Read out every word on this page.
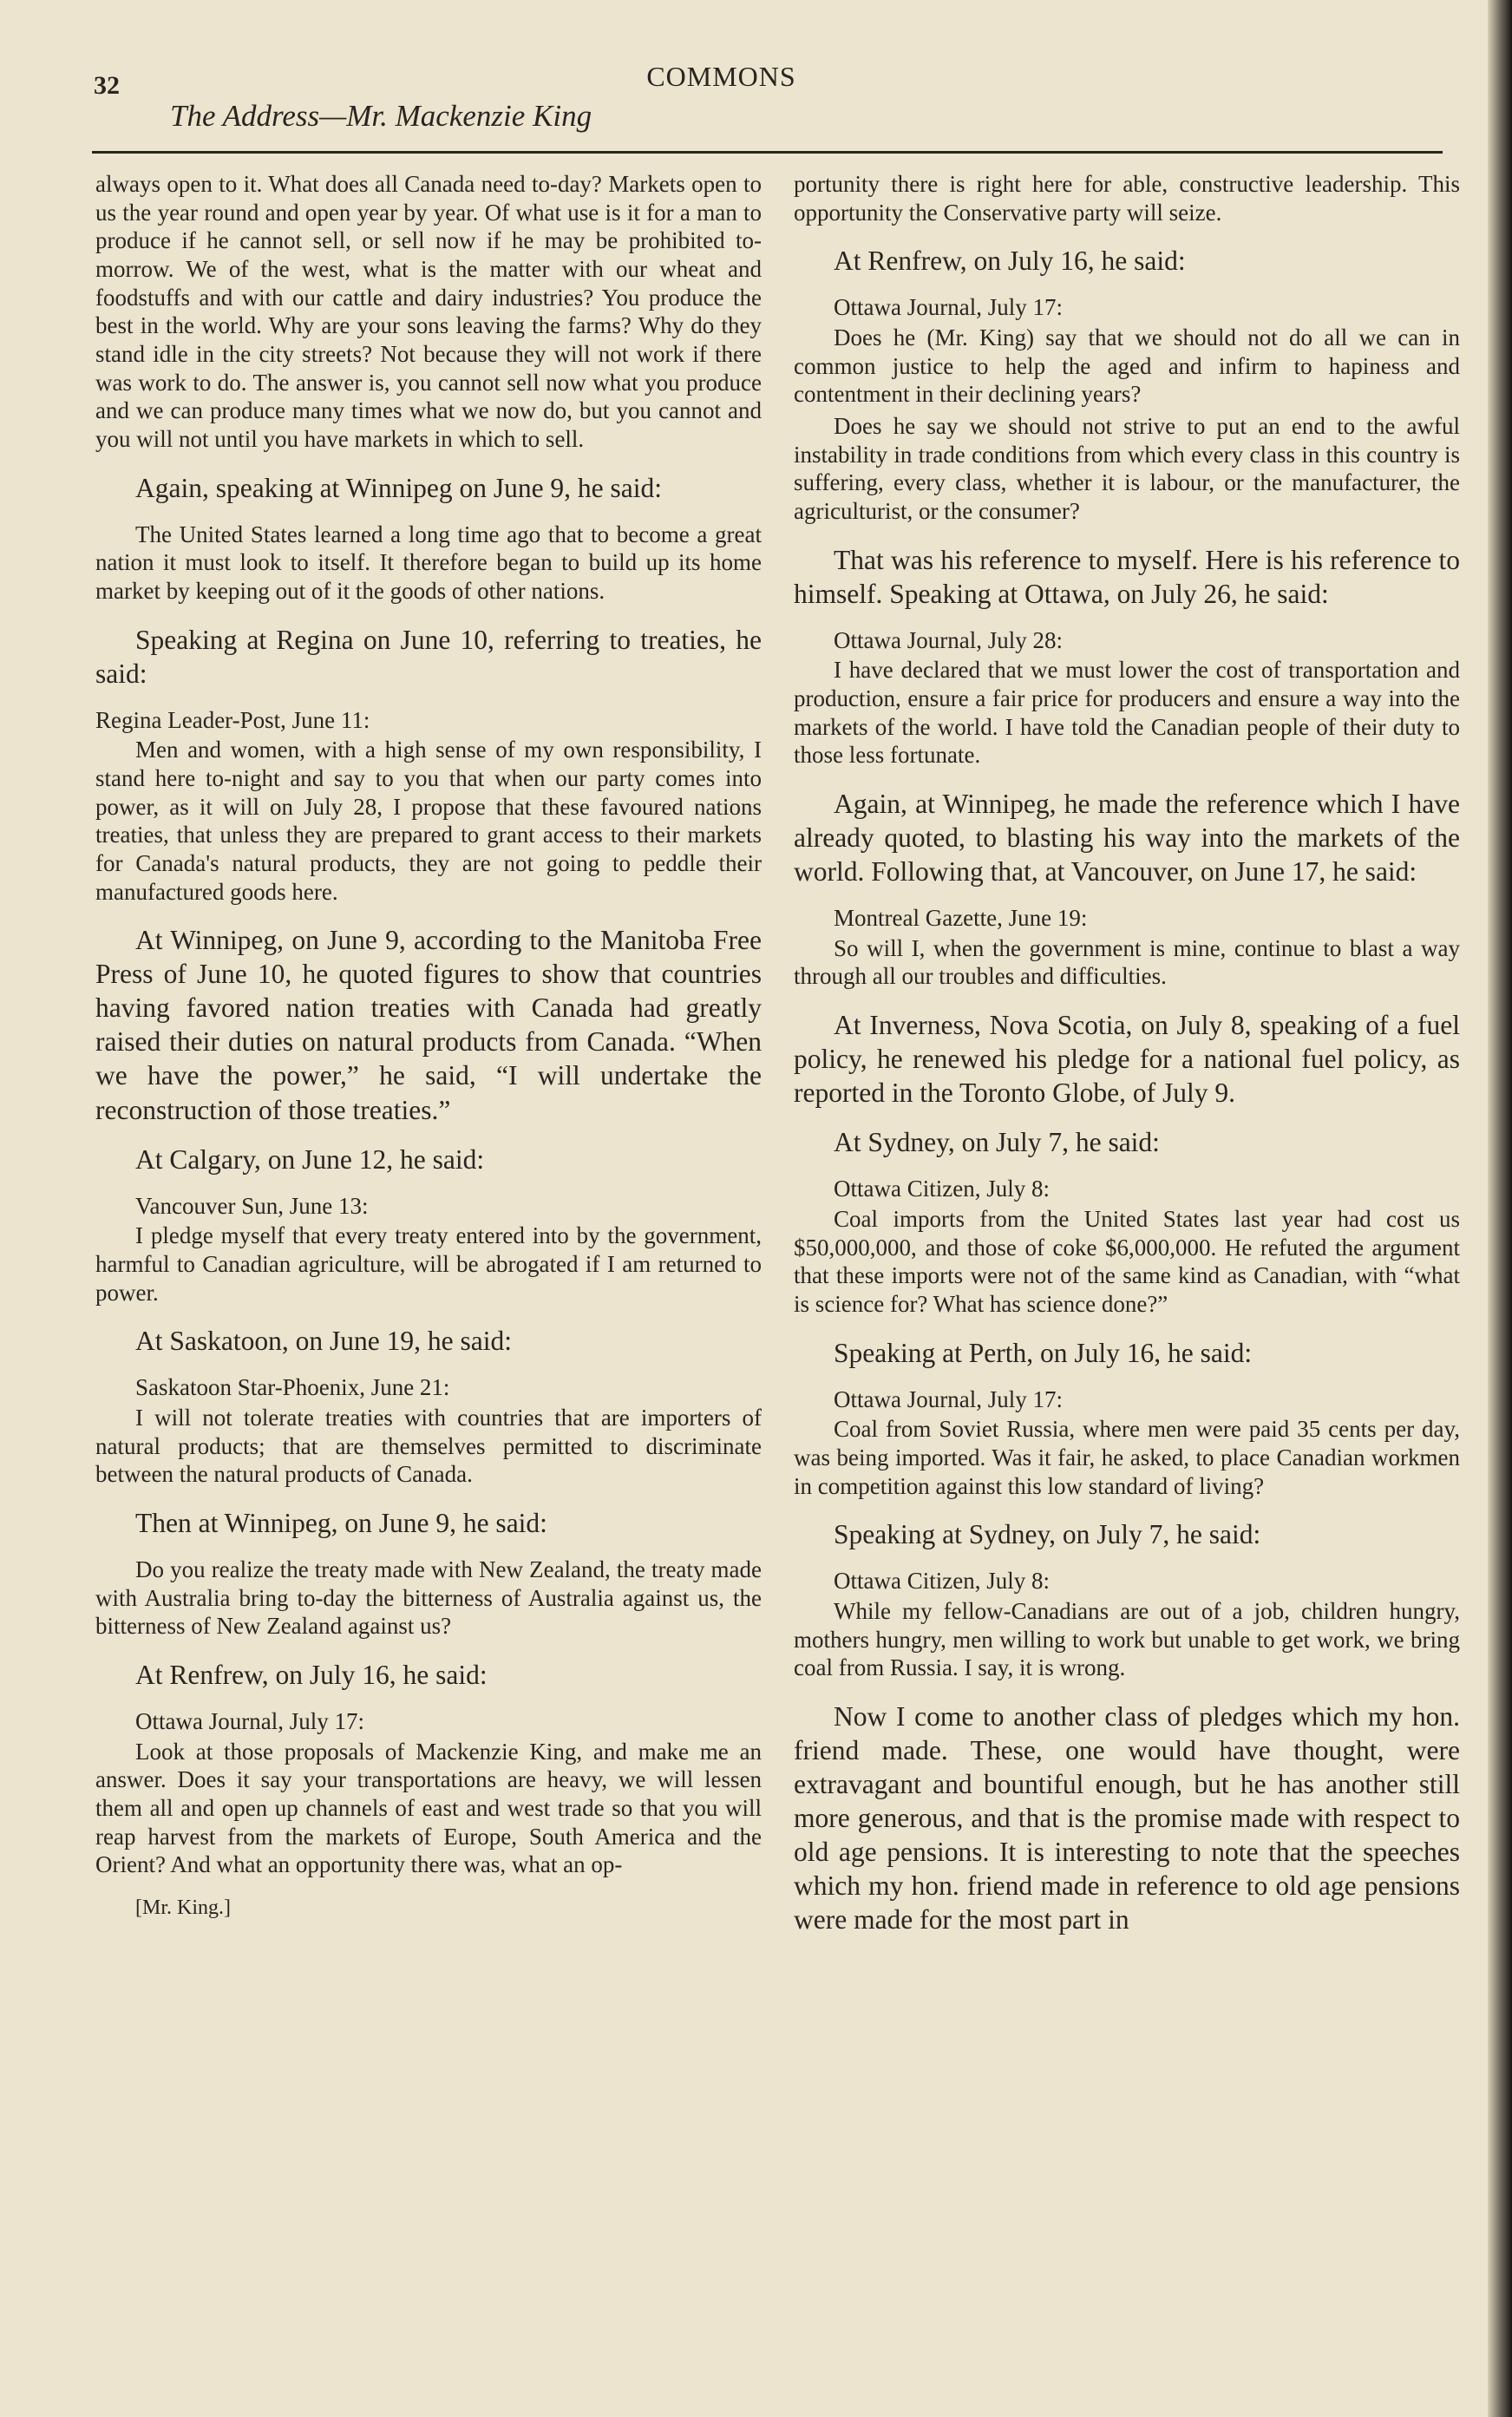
32	COMMONS
The Address—Mr. Mackenzie King

always open to it. What does all Canada need to-day? Markets open to us the year round and open year by year. Of what use is it for a man to produce if he cannot sell, or sell now if he may be prohibited to-morrow. We of the west, what is the matter with our wheat and foodstuffs and with our cattle and dairy industries? You produce the best in the world. Why are your sons leaving the farms? Why do they stand idle in the city streets? Not because they will not work if there was work to do. The answer is, you cannot sell now what you produce and we can produce many times what we now do, but you cannot and you will not until you have markets in which to sell.

Again, speaking at Winnipeg on June 9, he said:

The United States learned a long time ago that to become a great nation it must look to itself. It therefore began to build up its home market by keeping out of it the goods of other nations.

Speaking at Regina on June 10, referring to treaties, he said:

Regina Leader-Post, June 11:

Men and women, with a high sense of my own responsibility, I stand here to-night and say to you that when our party comes into power, as it will on July 28, I propose that these favoured nations treaties, that unless they are prepared to grant access to their markets for Canada's natural products, they are not going to peddle their manufactured goods here.

At Winnipeg, on June 9, according to the Manitoba Free Press of June 10, he quoted figures to show that countries having favored nation treaties with Canada had greatly raised their duties on natural products from Canada. “When we have the power,” he said, “I will undertake the reconstruction of those treaties.”

At Calgary, on June 12, he said:

Vancouver Sun, June 13:

I pledge myself that every treaty entered into by the government, harmful to Canadian agriculture, will be abrogated if I am returned to power.

At Saskatoon, on June 19, he said:

Saskatoon Star-Phoenix, June 21:

I will not tolerate treaties with countries that are importers of natural products; that are themselves permitted to discriminate between the natural products of Canada.

Then at Winnipeg, on June 9, he said:

Do you realize the treaty made with New Zealand, the treaty made with Australia bring to-day the bitterness of Australia against us, the bitterness of New Zealand against us?

At Renfrew, on July 16, he said:

Ottawa Journal, July 17:

Look at those proposals of Mackenzie King, and make me an answer. Does it say your transportations are heavy, we will lessen them all and open up channels of east and west trade so that you will reap harvest from the markets of Europe, South America and the Orient? And what an opportunity there was, what an op-

[Mr. King.]

portunity there is right here for able, constructive leadership. This opportunity the Conservative party will seize.

At Renfrew, on July 16, he said:

Ottawa Journal, July 17:

Does he (Mr. King) say that we should not do all we can in common justice to help the aged and infirm to hapiness and contentment in their declining years?

Does he say we should not strive to put an end to the awful instability in trade conditions from which every class in this country is suffering, every class, whether it is labour, or the manufacturer, the agriculturist, or the consumer?

That was his reference to myself. Here is his reference to himself. Speaking at Ottawa, on July 26, he said:

Ottawa Journal, July 28:

I have declared that we must lower the cost of transportation and production, ensure a fair price for producers and ensure a way into the markets of the world. I have told the Canadian people of their duty to those less fortunate.

Again, at Winnipeg, he made the reference which I have already quoted, to blasting his way into the markets of the world. Following that, at Vancouver, on June 17, he said:

Montreal Gazette, June 19:

So will I, when the government is mine, continue to blast a way through all our troubles and difficulties.

At Inverness, Nova Scotia, on July 8, speaking of a fuel policy, he renewed his pledge for a national fuel policy, as reported in the Toronto Globe, of July 9.

At Sydney, on July 7, he said:

Ottawa Citizen, July 8:

Coal imports from the United States last year had cost us $50,000,000, and those of coke $6,000,000. He refuted the argument that these imports were not of the same kind as Canadian, with “what is science for? What has science done?”

Speaking at Perth, on July 16, he said:

Ottawa Journal, July 17:

Coal from Soviet Russia, where men were paid 35 cents per day, was being imported. Was it fair, he asked, to place Canadian workmen in competition against this low standard of living?

Speaking at Sydney, on July 7, he said:

Ottawa Citizen, July 8:

While my fellow-Canadians are out of a job, children hungry, mothers hungry, men willing to work but unable to get work, we bring coal from Russia. I say, it is wrong.

Now I come to another class of pledges which my hon. friend made. These, one would have thought, were extravagant and bountiful enough, but he has another still more generous, and that is the promise made with respect to old age pensions. It is interesting to note that the speeches which my hon. friend made in reference to old age pensions were made for the most part in
